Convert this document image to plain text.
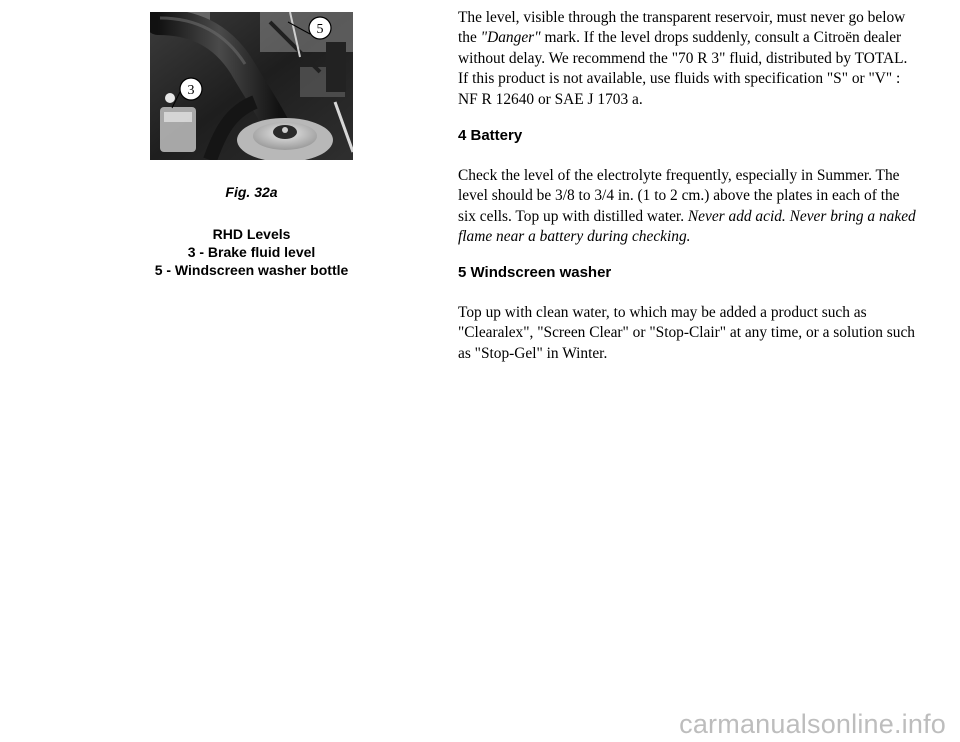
5
3
Fig. 32a
RHD Levels
3 - Brake fluid level
5 - Windscreen washer bottle

The level, visible through the transparent reservoir, must never go below the "Danger" mark. If the level drops suddenly, consult a Citroën dealer without delay. We recommend the "70 R 3" fluid, distributed by TOTAL. If this product is not available, use fluids with specification "S" or "V" : NF R 12640 or SAE J 1703 a.

4 Battery

Check the level of the electrolyte frequently, especially in Summer. The level should be 3/8 to 3/4 in. (1 to 2 cm.) above the plates in each of the six cells. Top up with distilled water. Never add acid. Never bring a naked flame near a battery during checking.

5 Windscreen washer

Top up with clean water, to which may be added a product such as "Clearalex", "Screen Clear" or "Stop-Clair" at any time, or a solution such as "Stop-Gel" in Winter.

carmanualsonline.info
